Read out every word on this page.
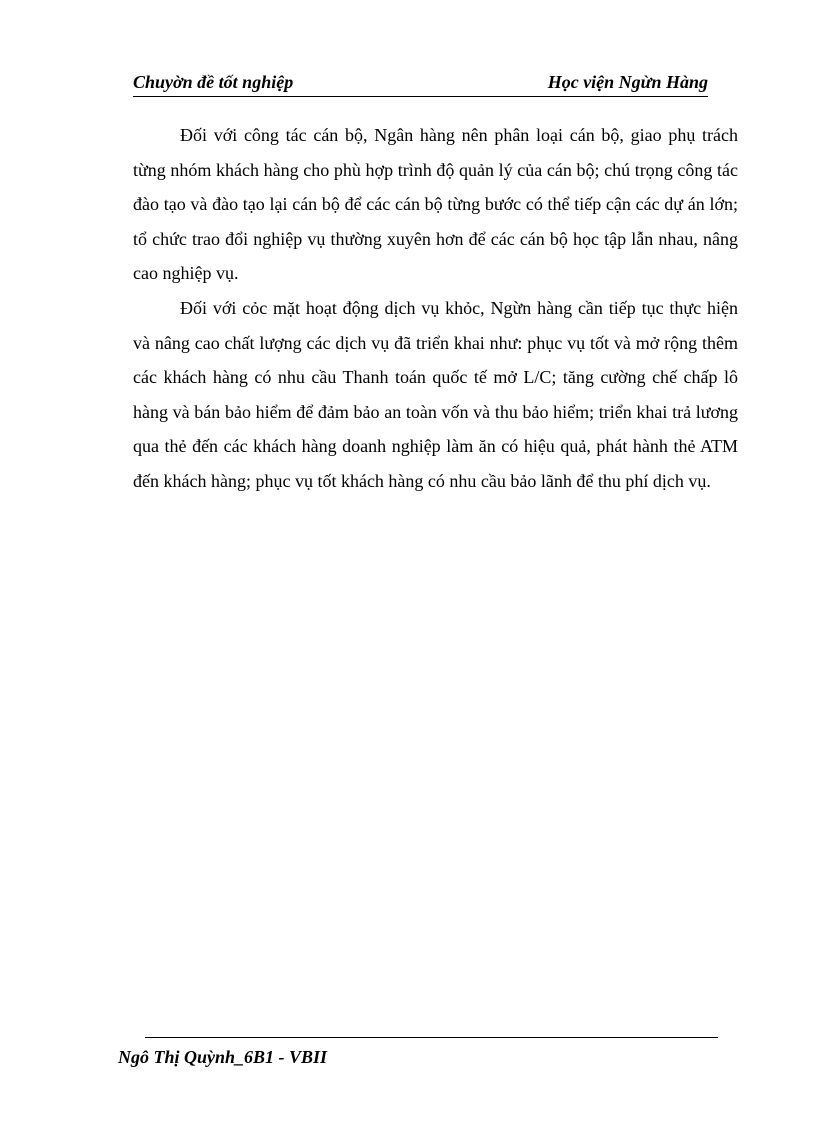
Chuyờn đề tốt nghiệp	Học viện Ngừn Hàng

Đối với công tác cán bộ, Ngân hàng nên phân loại cán bộ, giao phụ trách từng nhóm khách hàng cho phù hợp trình độ quản lý của cán bộ; chú trọng công tác đào tạo và đào tạo lại cán bộ để các cán bộ từng bước có thể tiếp cận các dự án lớn; tổ chức trao đổi nghiệp vụ thường xuyên hơn để các cán bộ học tập lẫn nhau, nâng cao nghiệp vụ.

Đối với cỏc mặt hoạt động dịch vụ khỏc, Ngừn hàng cần tiếp tục thực hiện và nâng cao chất lượng các dịch vụ đã triển khai như: phục vụ tốt và mở rộng thêm các khách hàng có nhu cầu Thanh toán quốc tế mở L/C; tăng cường chế chấp lô hàng và bán bảo hiểm để đảm bảo an toàn vốn và thu bảo hiểm; triển khai trả lương qua thẻ đến các khách hàng doanh nghiệp làm ăn có hiệu quả, phát hành thẻ ATM đến khách hàng; phục vụ tốt khách hàng có nhu cầu bảo lãnh để thu phí dịch vụ.

Ngô Thị Quỳnh_6B1 - VBII
